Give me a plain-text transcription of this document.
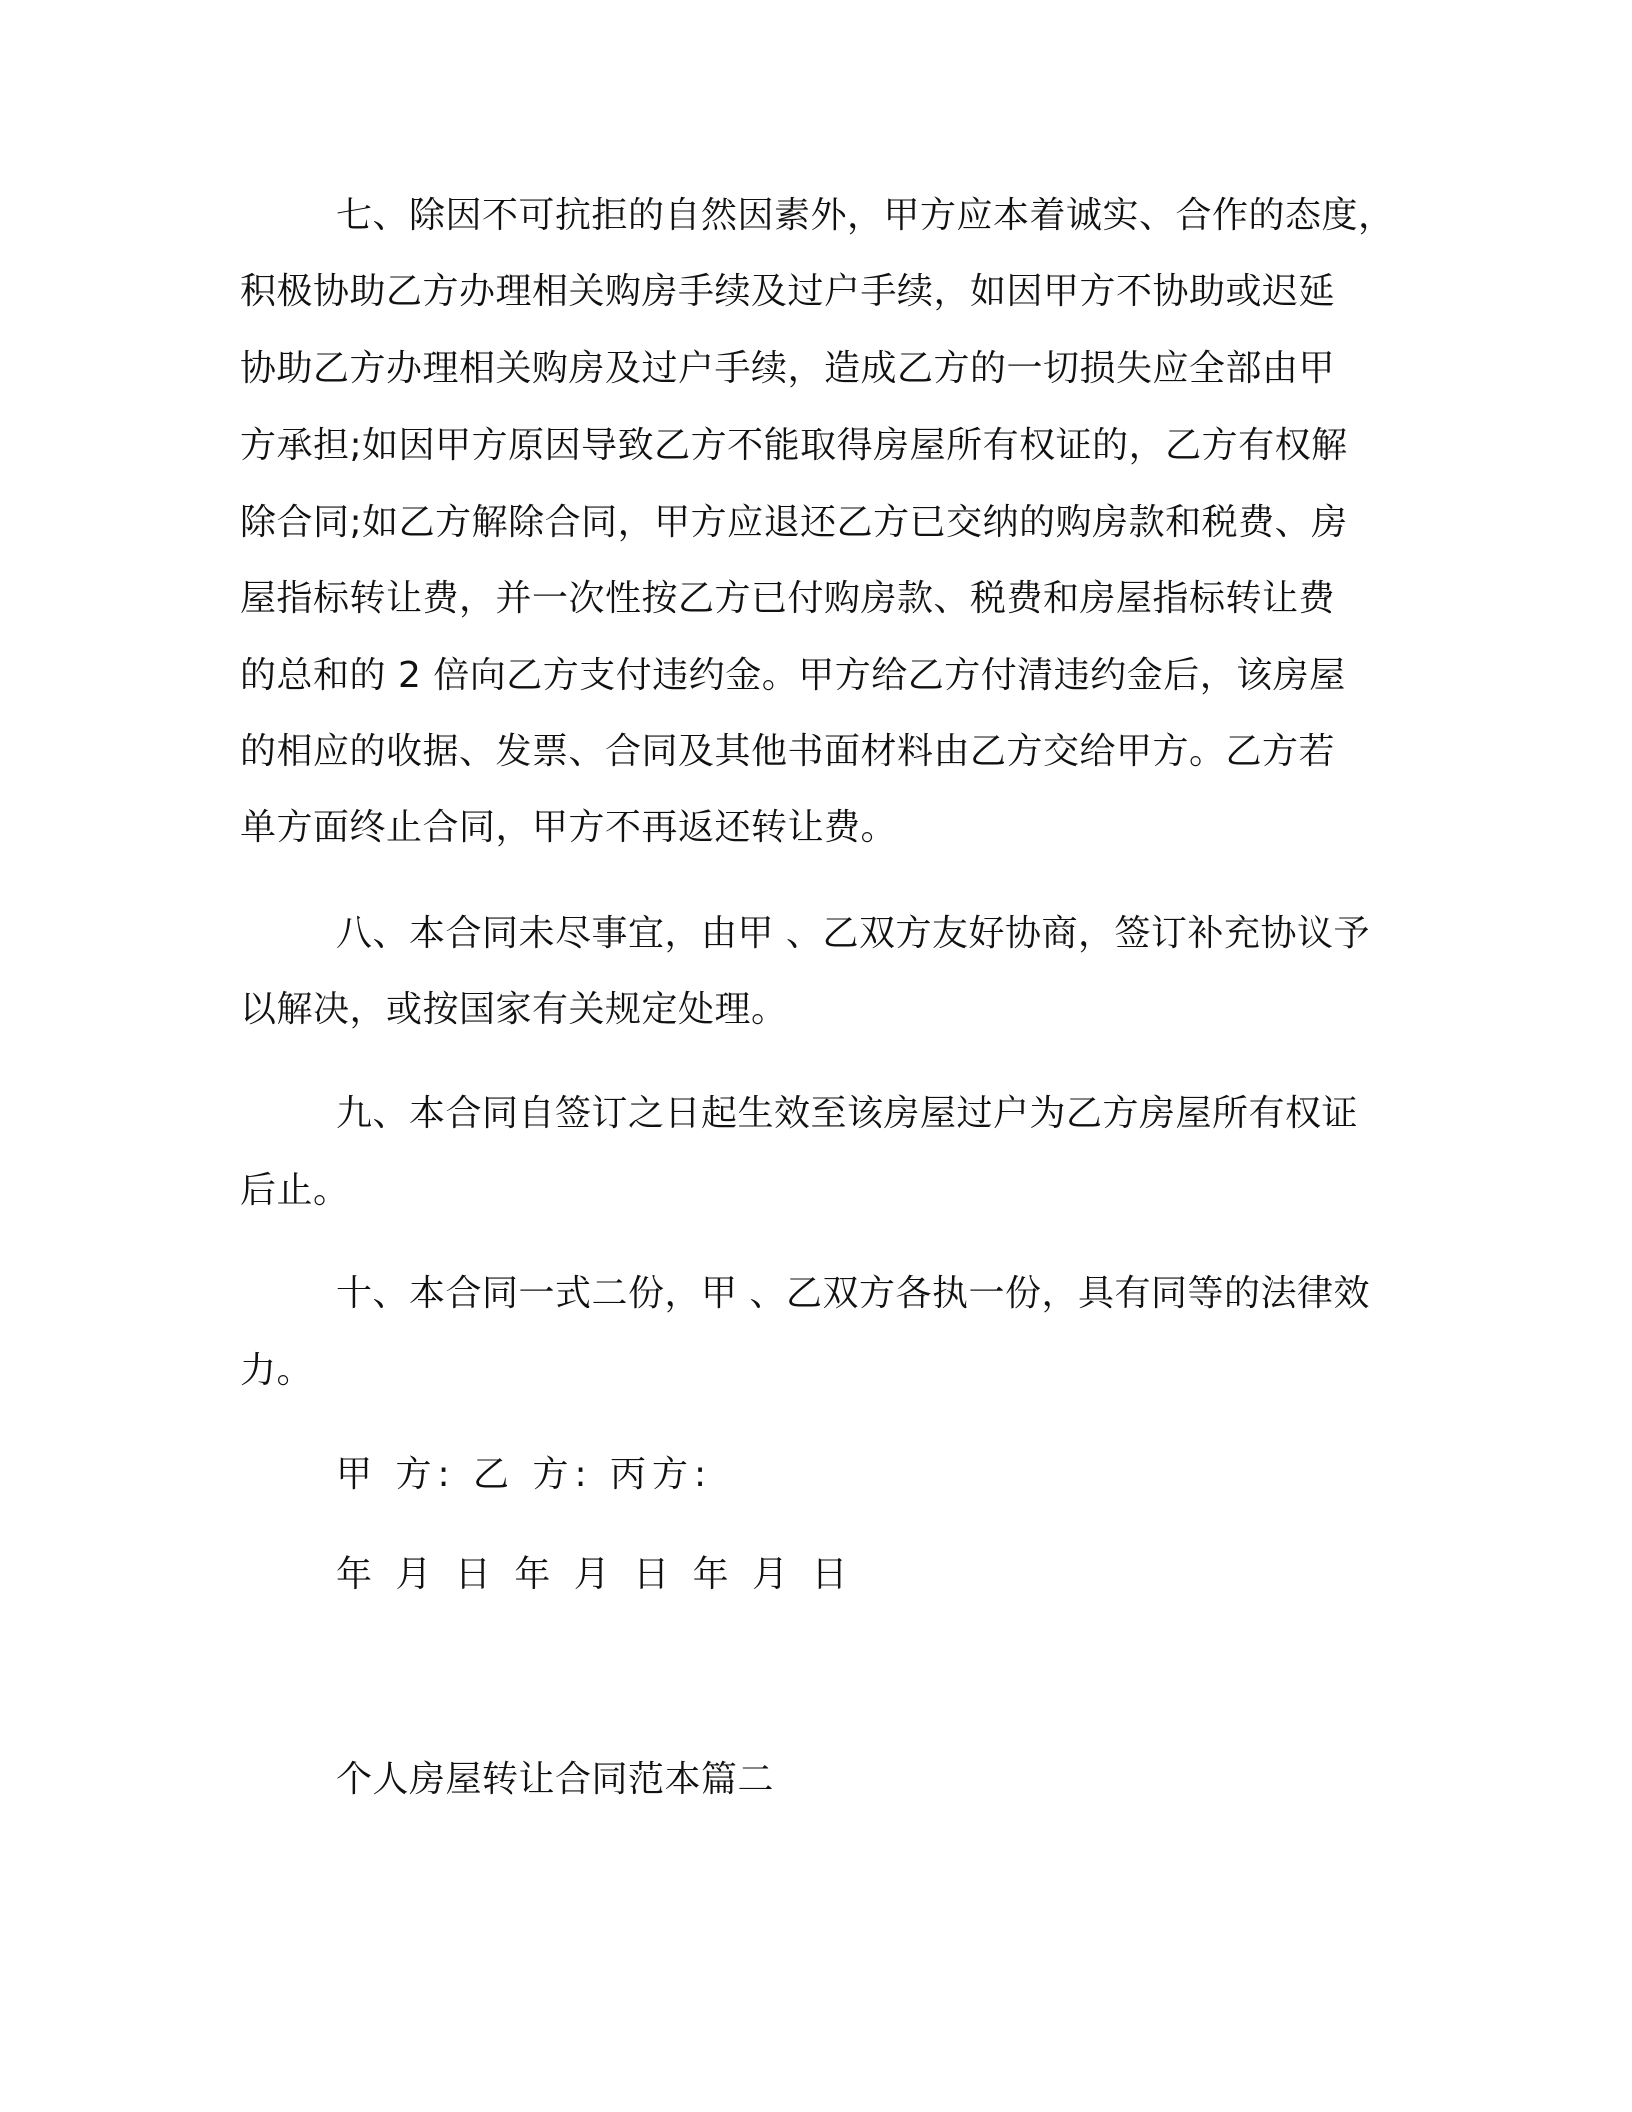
七、除因不可抗拒的自然因素外，甲方应本着诚实、合作的态度，
积极协助乙方办理相关购房手续及过户手续，如因甲方不协助或迟延
协助乙方办理相关购房及过户手续，造成乙方的一切损失应全部由甲
方承担;如因甲方原因导致乙方不能取得房屋所有权证的，乙方有权解
除合同;如乙方解除合同，甲方应退还乙方已交纳的购房款和税费、房
屋指标转让费，并一次性按乙方已付购房款、税费和房屋指标转让费
的总和的 2 倍向乙方支付违约金。甲方给乙方付清违约金后，该房屋
的相应的收据、发票、合同及其他书面材料由乙方交给甲方。乙方若
单方面终止合同，甲方不再返还转让费。
八、本合同未尽事宜，由甲 、乙双方友好协商，签订补充协议予
以解决，或按国家有关规定处理。
九、本合同自签订之日起生效至该房屋过户为乙方房屋所有权证
后止。
十、本合同一式二份，甲 、乙双方各执一份，具有同等的法律效
力。
甲 方: 乙 方: 丙方:
年 月 日 年 月 日 年 月 日
个人房屋转让合同范本篇二
